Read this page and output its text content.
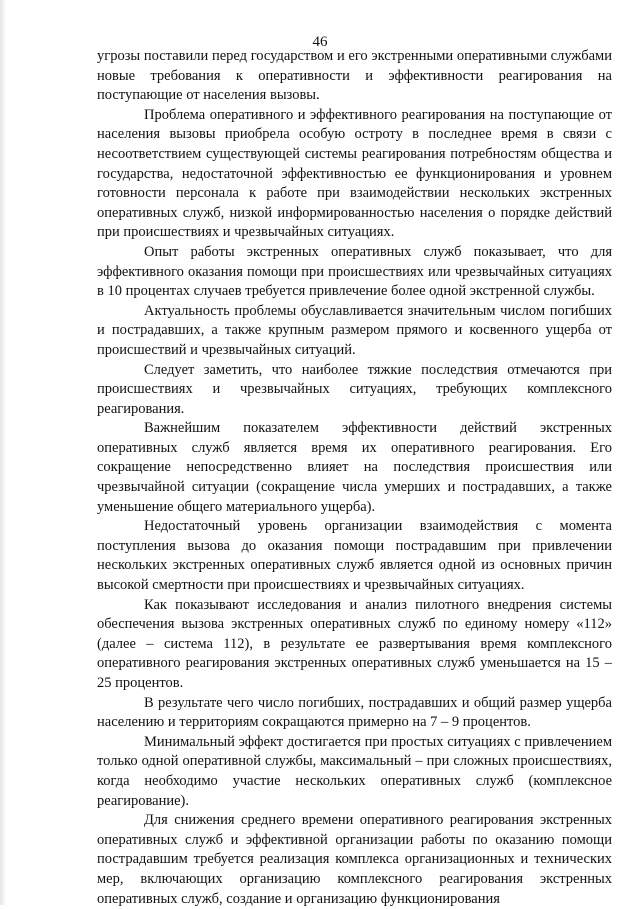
46

угрозы поставили перед государством и его экстренными оперативными службами новые требования к оперативности и эффективности реагирования на поступающие от населения вызовы.

Проблема оперативного и эффективного реагирования на поступающие от населения вызовы приобрела особую остроту в последнее время в связи с несоответствием существующей системы реагирования потребностям общества и государства, недостаточной эффективностью ее функционирования и уровнем готовности персонала к работе при взаимодействии нескольких экстренных оперативных служб, низкой информированностью населения о порядке действий при происшествиях и чрезвычайных ситуациях.

Опыт работы экстренных оперативных служб показывает, что для эффективного оказания помощи при происшествиях или чрезвычайных ситуациях в 10 процентах случаев требуется привлечение более одной экстренной службы.

Актуальность проблемы обуславливается значительным числом погибших и пострадавших, а также крупным размером прямого и косвенного ущерба от происшествий и чрезвычайных ситуаций.

Следует заметить, что наиболее тяжкие последствия отмечаются при происшествиях и чрезвычайных ситуациях, требующих комплексного реагирования.

Важнейшим показателем эффективности действий экстренных оперативных служб является время их оперативного реагирования. Его сокращение непосредственно влияет на последствия происшествия или чрезвычайной ситуации (сокращение числа умерших и пострадавших, а также уменьшение общего материального ущерба).

Недостаточный уровень организации взаимодействия с момента поступления вызова до оказания помощи пострадавшим при привлечении нескольких экстренных оперативных служб является одной из основных причин высокой смертности при происшествиях и чрезвычайных ситуациях.

Как показывают исследования и анализ пилотного внедрения системы обеспечения вызова экстренных оперативных служб по единому номеру «112» (далее – система 112), в результате ее развертывания время комплексного оперативного реагирования экстренных оперативных служб уменьшается на 15 – 25 процентов.

В результате чего число погибших, пострадавших и общий размер ущерба населению и территориям сокращаются примерно на 7 – 9 процентов.

Минимальный эффект достигается при простых ситуациях с привлечением только одной оперативной службы, максимальный – при сложных происшествиях, когда необходимо участие нескольких оперативных служб (комплексное реагирование).

Для снижения среднего времени оперативного реагирования экстренных оперативных служб и эффективной организации работы по оказанию помощи пострадавшим требуется реализация комплекса организационных и технических мер, включающих организацию комплексного реагирования экстренных оперативных служб, создание и организацию функционирования
